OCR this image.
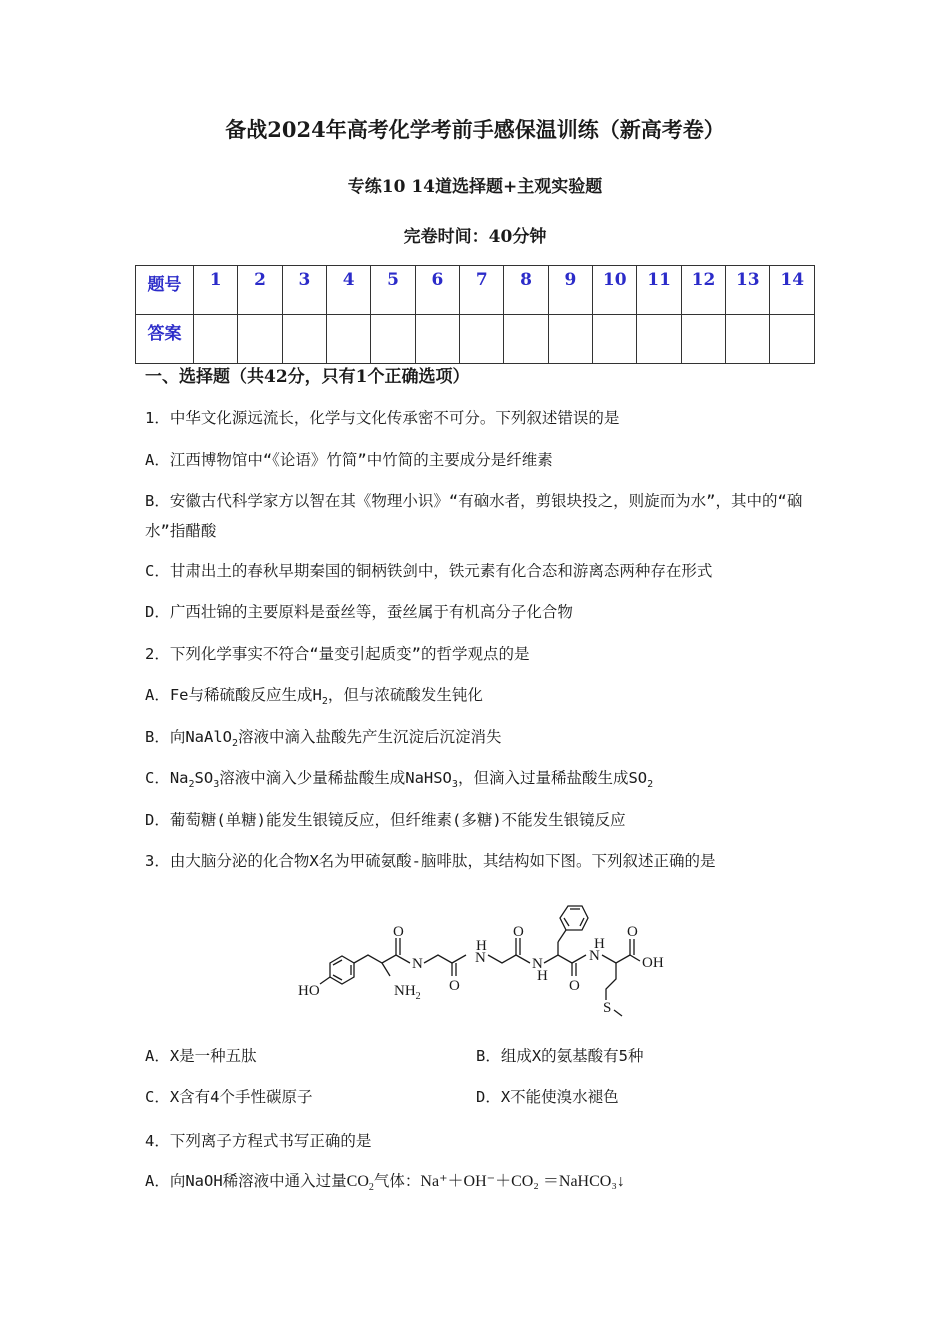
备战2024年高考化学考前手感保温训练（新高考卷）
专练10 14道选择题+主观实验题
完卷时间：40分钟
题号	1	2	3	4	5	6	7	8	9	10	11	12	13	14
答案														
一、选择题（共42分，只有1个正确选项）
1．中华文化源远流长，化学与文化传承密不可分。下列叙述错误的是
A．江西博物馆中“《论语》竹简”中竹简的主要成分是纤维素
B．安徽古代科学家方以智在其《物理小识》“有硇水者，剪银块投之，则旋而为水”，其中的“硇水”指醋酸
C．甘肃出土的春秋早期秦国的铜柄铁剑中，铁元素有化合态和游离态两种存在形式
D．广西壮锦的主要原料是蚕丝等，蚕丝属于有机高分子化合物
2．下列化学事实不符合“量变引起质变”的哲学观点的是
A．Fe与稀硫酸反应生成$H_2$，但与浓硫酸发生钝化
B．向NaAlO$_2$溶液中滴入盐酸先产生沉淀后沉淀消失
C．$Na_2SO_3$溶液中滴入少量稀盐酸生成NaHSO$_3$，但滴入过量稀盐酸生成$SO_2$
D．葡萄糖(单糖)能发生银镜反应，但纤维素(多糖)不能发生银镜反应
3．由大脑分泌的化合物X名为甲硫氨酸-脑啡肽，其结构如下图。下列叙述正确的是
HO	$NH_2$
O
N
O
H
N
O
N
H
O
N
H
O
OH
S
A．X是一种五肽	B．组成X的氨基酸有5种
C．X含有4个手性碳原子	D．X不能使溴水褪色
4．下列离子方程式书写正确的是
A．向NaOH稀溶液中通入过量$CO_2$气体：Na⁺＋OH⁻＋CO₂ ＝NaHCO₃↓
